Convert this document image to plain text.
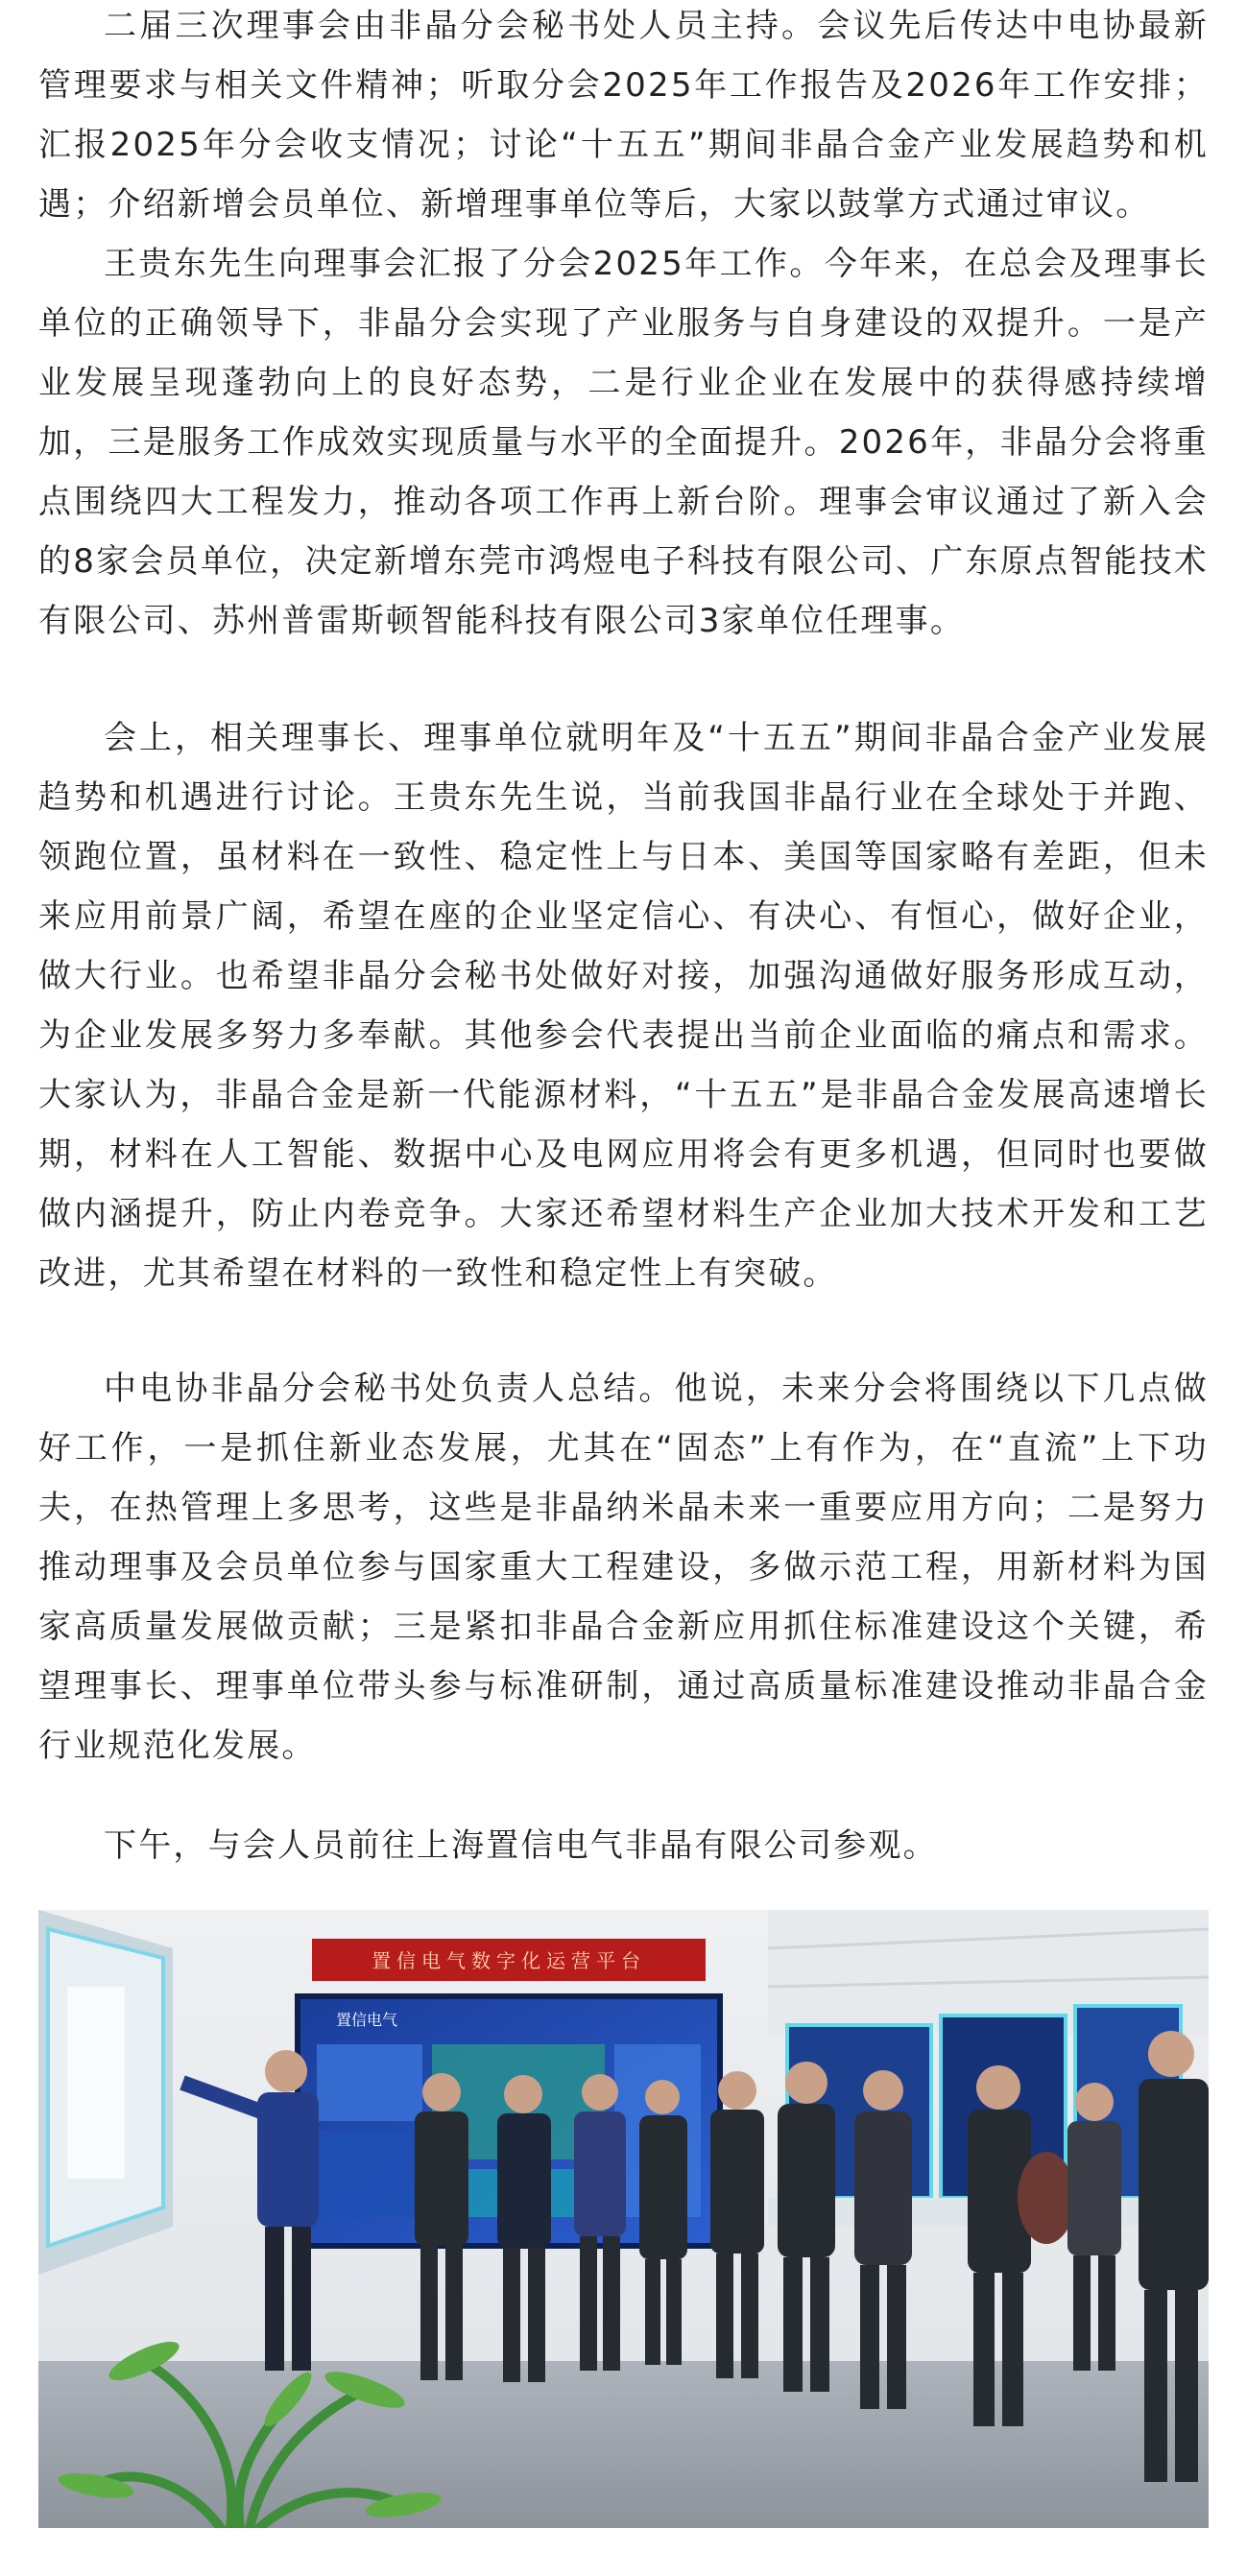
二届三次理事会由非晶分会秘书处人员主持。会议先后传达中电协最新管理要求与相关文件精神；听取分会2025年工作报告及2026年工作安排；汇报2025年分会收支情况；讨论“十五五”期间非晶合金产业发展趋势和机遇；介绍新增会员单位、新增理事单位等后，大家以鼓掌方式通过审议。

王贵东先生向理事会汇报了分会2025年工作。今年来，在总会及理事长单位的正确领导下，非晶分会实现了产业服务与自身建设的双提升。一是产业发展呈现蓬勃向上的良好态势，二是行业企业在发展中的获得感持续增加，三是服务工作成效实现质量与水平的全面提升。2026年，非晶分会将重点围绕四大工程发力，推动各项工作再上新台阶。理事会审议通过了新入会的8家会员单位，决定新增东莞市鸿煜电子科技有限公司、广东原点智能技术有限公司、苏州普雷斯顿智能科技有限公司3家单位任理事。

会上，相关理事长、理事单位就明年及“十五五”期间非晶合金产业发展趋势和机遇进行讨论。王贵东先生说，当前我国非晶行业在全球处于并跑、领跑位置，虽材料在一致性、稳定性上与日本、美国等国家略有差距，但未来应用前景广阔，希望在座的企业坚定信心、有决心、有恒心，做好企业，做大行业。也希望非晶分会秘书处做好对接，加强沟通做好服务形成互动，为企业发展多努力多奉献。其他参会代表提出当前企业面临的痛点和需求。大家认为，非晶合金是新一代能源材料，“十五五”是非晶合金发展高速增长期，材料在人工智能、数据中心及电网应用将会有更多机遇，但同时也要做做内涵提升，防止内卷竞争。大家还希望材料生产企业加大技术开发和工艺改进，尤其希望在材料的一致性和稳定性上有突破。

中电协非晶分会秘书处负责人总结。他说，未来分会将围绕以下几点做好工作，一是抓住新业态发展，尤其在“固态”上有作为，在“直流”上下功夫，在热管理上多思考，这些是非晶纳米晶未来一重要应用方向；二是努力推动理事及会员单位参与国家重大工程建设，多做示范工程，用新材料为国家高质量发展做贡献；三是紧扣非晶合金新应用抓住标准建设这个关键，希望理事长、理事单位带头参与标准研制，通过高质量标准建设推动非晶合金行业规范化发展。

下午，与会人员前往上海置信电气非晶有限公司参观。

置信电气数字化运营平台
置信电气
